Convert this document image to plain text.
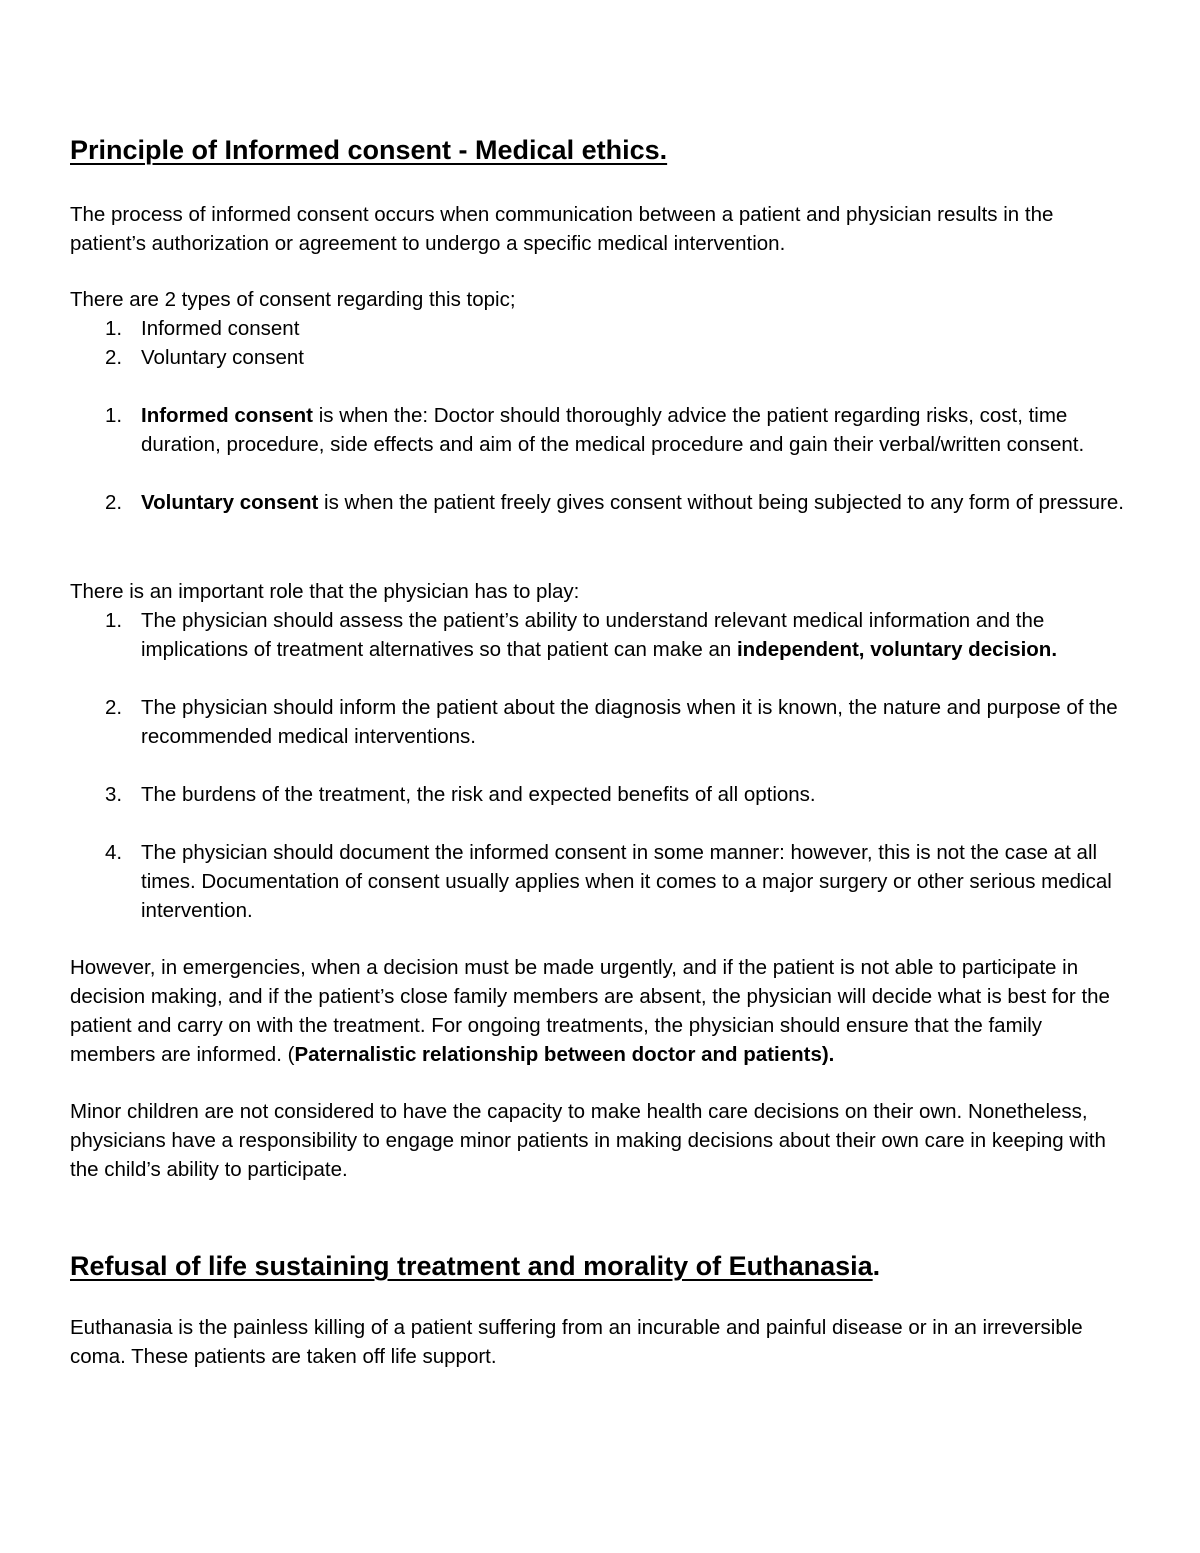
Principle of Informed consent - Medical ethics.

The process of informed consent occurs when communication between a patient and physician results in the patient’s authorization or agreement to undergo a specific medical intervention.

There are 2 types of consent regarding this topic;

1. Informed consent
2. Voluntary consent
1. Informed consent is when the: Doctor should thoroughly advice the patient regarding risks, cost, time duration, procedure, side effects and aim of the medical procedure and gain their verbal/written consent.
2. Voluntary consent is when the patient freely gives consent without being subjected to any form of pressure.

There is an important role that the physician has to play:

1. The physician should assess the patient’s ability to understand relevant medical information and the implications of treatment alternatives so that patient can make an independent, voluntary decision.
2. The physician should inform the patient about the diagnosis when it is known, the nature and purpose of the recommended medical interventions.
3. The burdens of the treatment, the risk and expected benefits of all options.
4. The physician should document the informed consent in some manner: however, this is not the case at all times. Documentation of consent usually applies when it comes to a major surgery or other serious medical intervention.

However, in emergencies, when a decision must be made urgently, and if the patient is not able to participate in decision making, and if the patient’s close family members are absent, the physician will decide what is best for the patient and carry on with the treatment. For ongoing treatments, the physician should ensure that the family members are informed. (Paternalistic relationship between doctor and patients).

Minor children are not considered to have the capacity to make health care decisions on their own. Nonetheless, physicians have a responsibility to engage minor patients in making decisions about their own care in keeping with the child’s ability to participate.

Refusal of life sustaining treatment and morality of Euthanasia.

Euthanasia is the painless killing of a patient suffering from an incurable and painful disease or in an irreversible coma. These patients are taken off life support.
